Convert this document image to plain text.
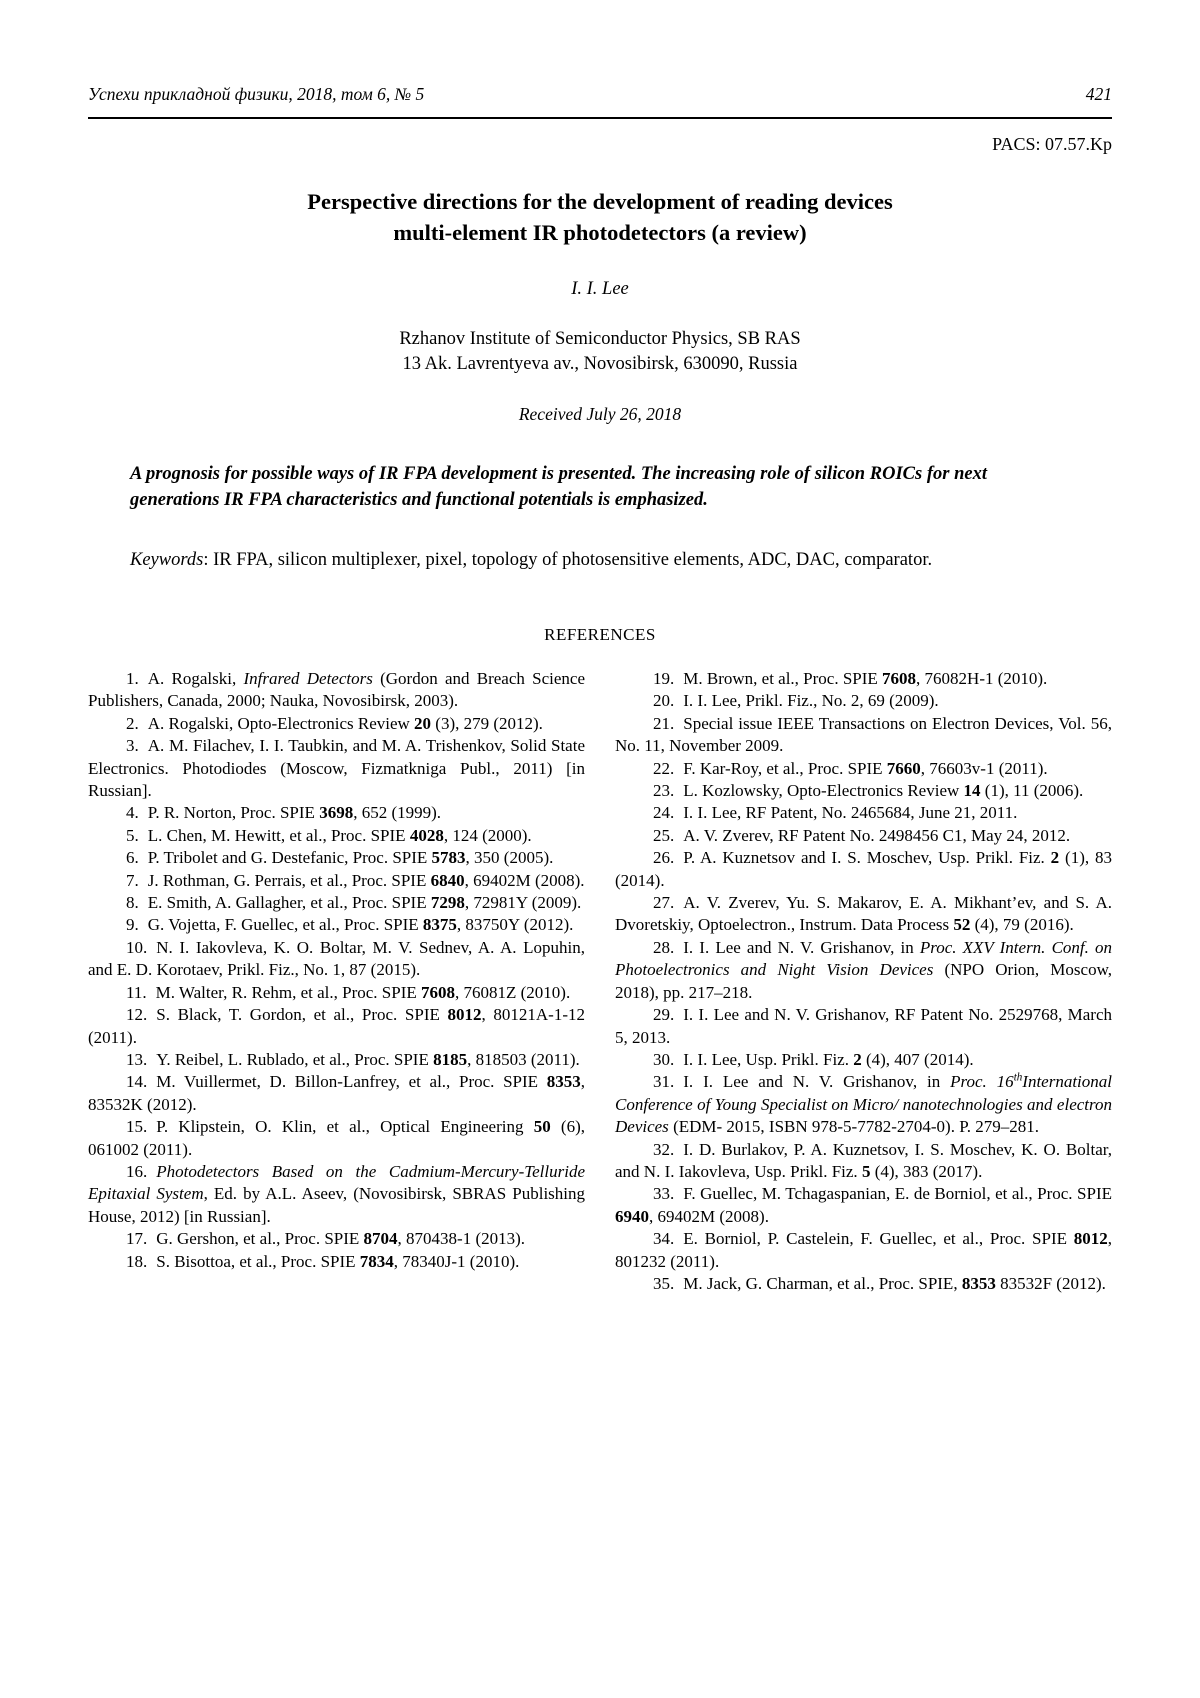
Успехи прикладной физики, 2018, том 6, № 5	421
PACS: 07.57.Kp
Perspective directions for the development of reading devices
multi-element IR photodetectors (a review)
I. I. Lee
Rzhanov Institute of Semiconductor Physics, SB RAS
13 Ak. Lavrentyeva av., Novosibirsk, 630090, Russia
Received July 26, 2018
A prognosis for possible ways of IR FPA development is presented. The increasing role of silicon ROICs for next generations IR FPA characteristics and functional potentials is emphasized.
Keywords: IR FPA, silicon multiplexer, pixel, topology of photosensitive elements, ADC, DAC, comparator.
REFERENCES

1. A. Rogalski, Infrared Detectors (Gordon and Breach Science Publishers, Canada, 2000; Nauka, Novosibirsk, 2003).

2. A. Rogalski, Opto-Electronics Review 20 (3), 279 (2012).

3. A. M. Filachev, I. I. Taubkin, and M. A. Trishenkov, Solid State Electronics. Photodiodes (Moscow, Fizmatkniga Publ., 2011) [in Russian].

4. P. R. Norton, Proc. SPIE 3698, 652 (1999).

5. L. Chen, M. Hewitt, et al., Proc. SPIE 4028, 124 (2000).

6. P. Tribolet and G. Destefanic, Proc. SPIE 5783, 350 (2005).

7. J. Rothman, G. Perrais, et al., Proc. SPIE 6840, 69402M (2008).

8. E. Smith, A. Gallagher, et al., Proc. SPIE 7298, 72981Y (2009).

9. G. Vojetta, F. Guellec, et al., Proc. SPIE 8375, 83750Y (2012).

10. N. I. Iakovleva, K. O. Boltar, M. V. Sednev, A. A. Lopuhin, and E. D. Korotaev, Prikl. Fiz., No. 1, 87 (2015).

11. M. Walter, R. Rehm, et al., Proc. SPIE 7608, 76081Z (2010).

12. S. Black, T. Gordon, et al., Proc. SPIE 8012, 80121A-1-12 (2011).

13. Y. Reibel, L. Rublado, et al., Proc. SPIE 8185, 818503 (2011).

14. M. Vuillermet, D. Billon-Lanfrey, et al., Proc. SPIE 8353, 83532K (2012).

15. P. Klipstein, O. Klin, et al., Optical Engineering 50 (6), 061002 (2011).

16. Photodetectors Based on the Cadmium-Mercury-Telluride Epitaxial System, Ed. by A.L. Aseev, (Novosibirsk, SBRAS Publishing House, 2012) [in Russian].

17. G. Gershon, et al., Proc. SPIE 8704, 870438-1 (2013).

18. S. Bisottoa, et al., Proc. SPIE 7834, 78340J-1 (2010).

19. M. Brown, et al., Proc. SPIE 7608, 76082H-1 (2010).

20. I. I. Lee, Prikl. Fiz., No. 2, 69 (2009).

21. Special issue IEEE Transactions on Electron Devices, Vol. 56, No. 11, November 2009.

22. F. Kar-Roy, et al., Proc. SPIE 7660, 76603v-1 (2011).

23. L. Kozlowsky, Opto-Electronics Review 14 (1), 11 (2006).

24. I. I. Lee, RF Patent, No. 2465684, June 21, 2011.

25. A. V. Zverev, RF Patent No. 2498456 C1, May 24, 2012.

26. P. A. Kuznetsov and I. S. Moschev, Usp. Prikl. Fiz. 2 (1), 83 (2014).

27. A. V. Zverev, Yu. S. Makarov, E. A. Mikhant’ev, and S. A. Dvoretskiy, Optoelectron., Instrum. Data Process 52 (4), 79 (2016).

28. I. I. Lee and N. V. Grishanov, in Proc. XXV Intern. Conf. on Photoelectronics and Night Vision Devices (NPO Orion, Moscow, 2018), pp. 217–218.

29. I. I. Lee and N. V. Grishanov, RF Patent No. 2529768, March 5, 2013.

30. I. I. Lee, Usp. Prikl. Fiz. 2 (4), 407 (2014).

31. I. I. Lee and N. V. Grishanov, in Proc. 16thInternational Conference of Young Specialist on Micro/ nanotechnologies and electron Devices (EDM- 2015, ISBN 978-5-7782-2704-0). P. 279–281.

32. I. D. Burlakov, P. A. Kuznetsov, I. S. Moschev, K. O. Boltar, and N. I. Iakovleva, Usp. Prikl. Fiz. 5 (4), 383 (2017).

33. F. Guellec, M. Tchagaspanian, E. de Borniol, et al., Proc. SPIE 6940, 69402M (2008).

34. E. Borniol, P. Castelein, F. Guellec, et al., Proc. SPIE 8012, 801232 (2011).

35. M. Jack, G. Charman, et al., Proc. SPIE, 8353 83532F (2012).
